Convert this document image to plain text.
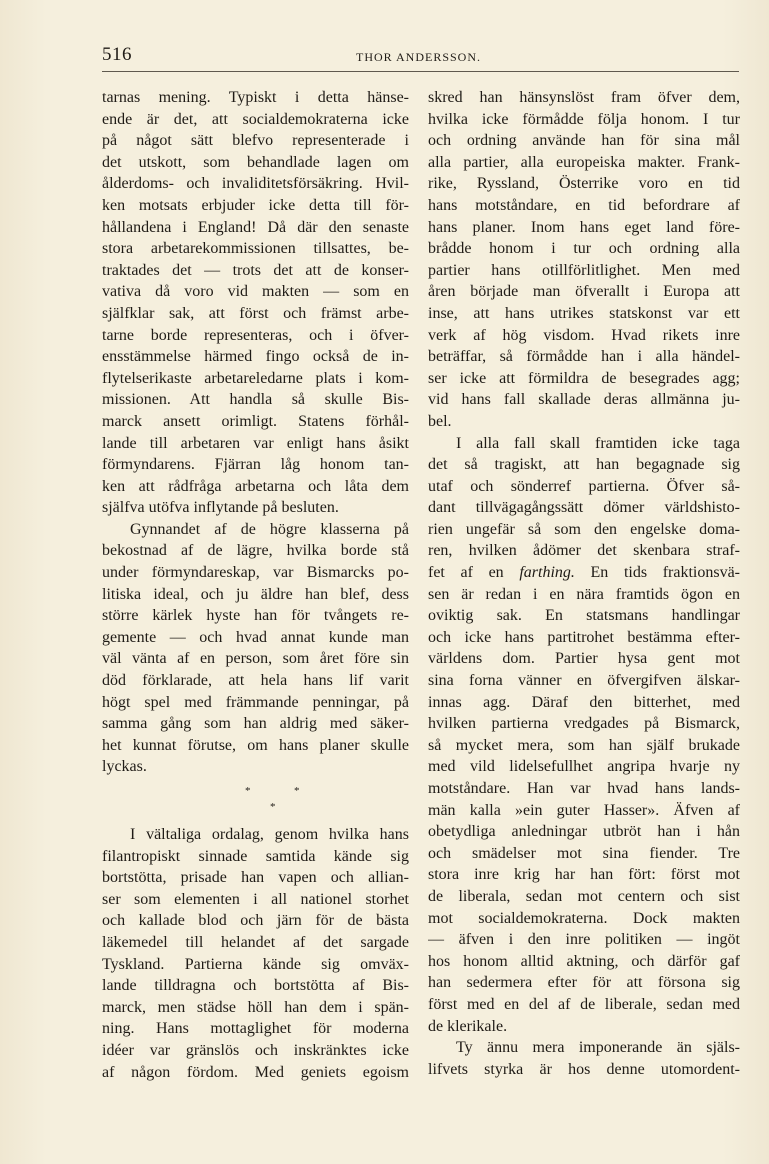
516	THOR ANDERSSON.
tarnas mening. Typiskt i detta hänse-
ende är det, att socialdemokraterna icke
på något sätt blefvo representerade i
det utskott, som behandlade lagen om
ålderdoms- och invaliditetsförsäkring. Hvil-
ken motsats erbjuder icke detta till för-
hållandena i England! Då där den senaste
stora arbetarekommissionen tillsattes, be-
traktades det — trots det att de konser-
vativa då voro vid makten — som en
själfklar sak, att först och främst arbe-
tarne borde representeras, och i öfver-
ensstämmelse härmed fingo också de in-
flytelserikaste arbetareledarne plats i kom-
missionen. Att handla så skulle Bis-
marck ansett orimligt. Statens förhål-
lande till arbetaren var enligt hans åsikt
förmyndarens. Fjärran låg honom tan-
ken att rådfråga arbetarna och låta dem
själfva utöfva inflytande på besluten.
Gynnandet af de högre klasserna på
bekostnad af de lägre, hvilka borde stå
under förmyndareskap, var Bismarcks po-
litiska ideal, och ju äldre han blef, dess
större kärlek hyste han för tvångets re-
gemente — och hvad annat kunde man
väl vänta af en person, som året före sin
död förklarade, att hela hans lif varit
högt spel med främmande penningar, på
samma gång som han aldrig med säker-
het kunnat förutse, om hans planer skulle
lyckas.
*	*
*
I vältaliga ordalag, genom hvilka hans
filantropiskt sinnade samtida kände sig
bortstötta, prisade han vapen och allian-
ser som elementen i all nationel storhet
och kallade blod och järn för de bästa
läkemedel till helandet af det sargade
Tyskland. Partierna kände sig omväx-
lande tilldragna och bortstötta af Bis-
marck, men städse höll han dem i spän-
ning. Hans mottaglighet för moderna
idéer var gränslös och inskränktes icke
af någon fördom. Med geniets egoism
skred han hänsynslöst fram öfver dem,
hvilka icke förmådde följa honom. I tur
och ordning använde han för sina mål
alla partier, alla europeiska makter. Frank-
rike, Ryssland, Österrike voro en tid
hans motståndare, en tid befordrare af
hans planer. Inom hans eget land före-
brådde honom i tur och ordning alla
partier hans otillförlitlighet. Men med
åren började man öfverallt i Europa att
inse, att hans utrikes statskonst var ett
verk af hög visdom. Hvad rikets inre
beträffar, så förmådde han i alla händel-
ser icke att förmildra de besegrades agg;
vid hans fall skallade deras allmänna ju-
bel.
I alla fall skall framtiden icke taga
det så tragiskt, att han begagnade sig
utaf och sönderref partierna. Öfver så-
dant tillvägagångssätt dömer världshisto-
rien ungefär så som den engelske doma-
ren, hvilken ådömer det skenbara straf-
fet af en farthing. En tids fraktionsvä-
sen är redan i en nära framtids ögon en
oviktig sak. En statsmans handlingar
och icke hans partitrohet bestämma efter-
världens dom. Partier hysa gent mot
sina forna vänner en öfvergifven älskar-
innas agg. Däraf den bitterhet, med
hvilken partierna vredgades på Bismarck,
så mycket mera, som han själf brukade
med vild lidelsefullhet angripa hvarje ny
motståndare. Han var hvad hans lands-
män kalla »ein guter Hasser». Äfven af
obetydliga anledningar utbröt han i hån
och smädelser mot sina fiender. Tre
stora inre krig har han fört: först mot
de liberala, sedan mot centern och sist
mot socialdemokraterna. Dock makten
— äfven i den inre politiken — ingöt
hos honom alltid aktning, och därför gaf
han sedermera efter för att försona sig
först med en del af de liberale, sedan med
de klerikale.
Ty ännu mera imponerande än själs-
lifvets styrka är hos denne utomordent-
